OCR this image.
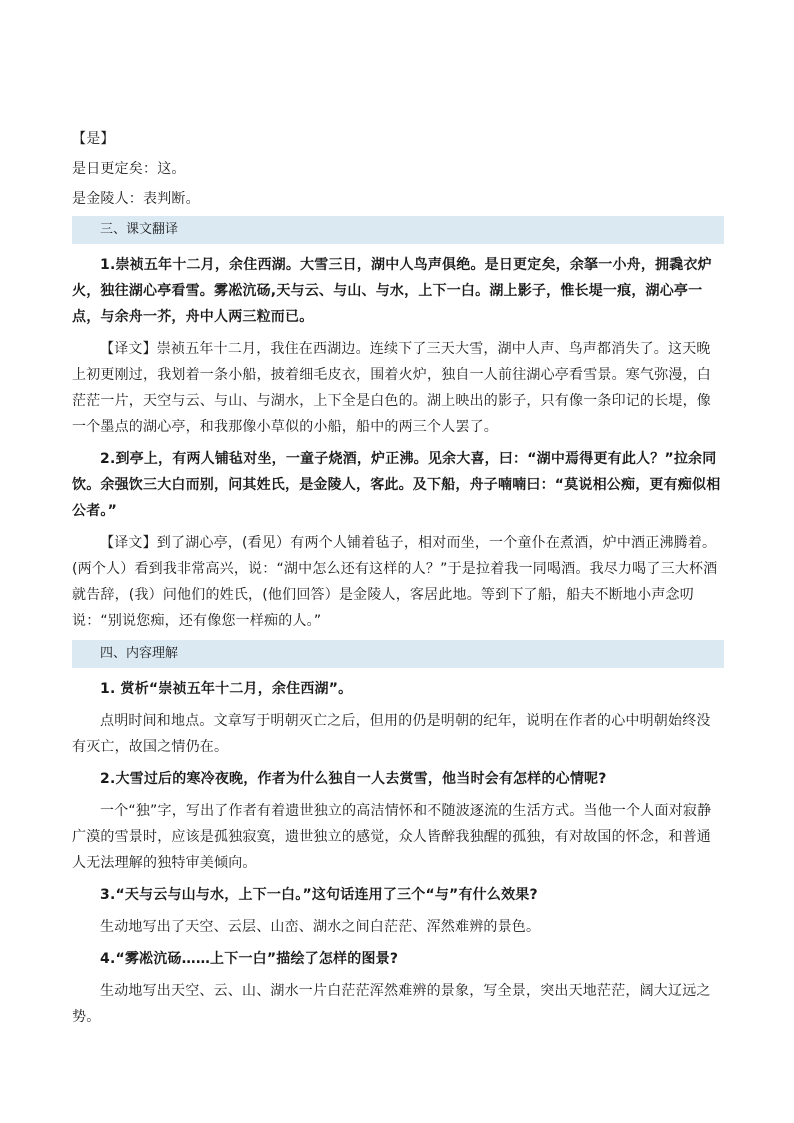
【是】

是日更定矣：这。

是金陵人：表判断。

三、课文翻译

1.崇祯五年十二月，余住西湖。大雪三日，湖中人鸟声俱绝。是日更定矣，余拏一小舟，拥毳衣炉火，独往湖心亭看雪。雾凇沆砀,天与云、与山、与水，上下一白。湖上影子，惟长堤一痕，湖心亭一点，与余舟一芥，舟中人两三粒而已。

【译文】崇祯五年十二月，我住在西湖边。连续下了三天大雪，湖中人声、鸟声都消失了。这天晚上初更刚过，我划着一条小船，披着细毛皮衣，围着火炉，独自一人前往湖心亭看雪景。寒气弥漫，白茫茫一片，天空与云、与山、与湖水，上下全是白色的。湖上映出的影子，只有像一条印记的长堤，像一个墨点的湖心亭，和我那像小草似的小船，船中的两三个人罢了。

2.到亭上，有两人铺毡对坐，一童子烧酒，炉正沸。见余大喜，曰：“湖中焉得更有此人？”拉余同饮。余强饮三大白而别，问其姓氏，是金陵人，客此。及下船，舟子喃喃曰：“莫说相公痴，更有痴似相公者。”

【译文】到了湖心亭，(看见）有两个人铺着毡子，相对而坐，一个童仆在煮酒，炉中酒正沸腾着。(两个人）看到我非常高兴，说：“湖中怎么还有这样的人？”于是拉着我一同喝酒。我尽力喝了三大杯酒就告辞，(我）问他们的姓氏，(他们回答）是金陵人，客居此地。等到下了船，船夫不断地小声念叨说：“别说您痴，还有像您一样痴的人。”

四、内容理解

1. 赏析“崇祯五年十二月，余住西湖”。

点明时间和地点。文章写于明朝灭亡之后，但用的仍是明朝的纪年，说明在作者的心中明朝始终没有灭亡，故国之情仍在。

2.大雪过后的寒冷夜晚，作者为什么独自一人去赏雪，他当时会有怎样的心情呢?

一个“独”字，写出了作者有着遗世独立的高洁情怀和不随波逐流的生活方式。当他一个人面对寂静广漠的雪景时，应该是孤独寂寞，遗世独立的感觉，众人皆醉我独醒的孤独，有对故国的怀念，和普通人无法理解的独特审美倾向。

3.“天与云与山与水，上下一白。”这句话连用了三个“与”有什么效果?

生动地写出了天空、云层、山峦、湖水之间白茫茫、浑然难辨的景色。

4.“雾凇沆砀……上下一白”描绘了怎样的图景?

生动地写出天空、云、山、湖水一片白茫茫浑然难辨的景象，写全景，突出天地茫茫，阔大辽远之势。
